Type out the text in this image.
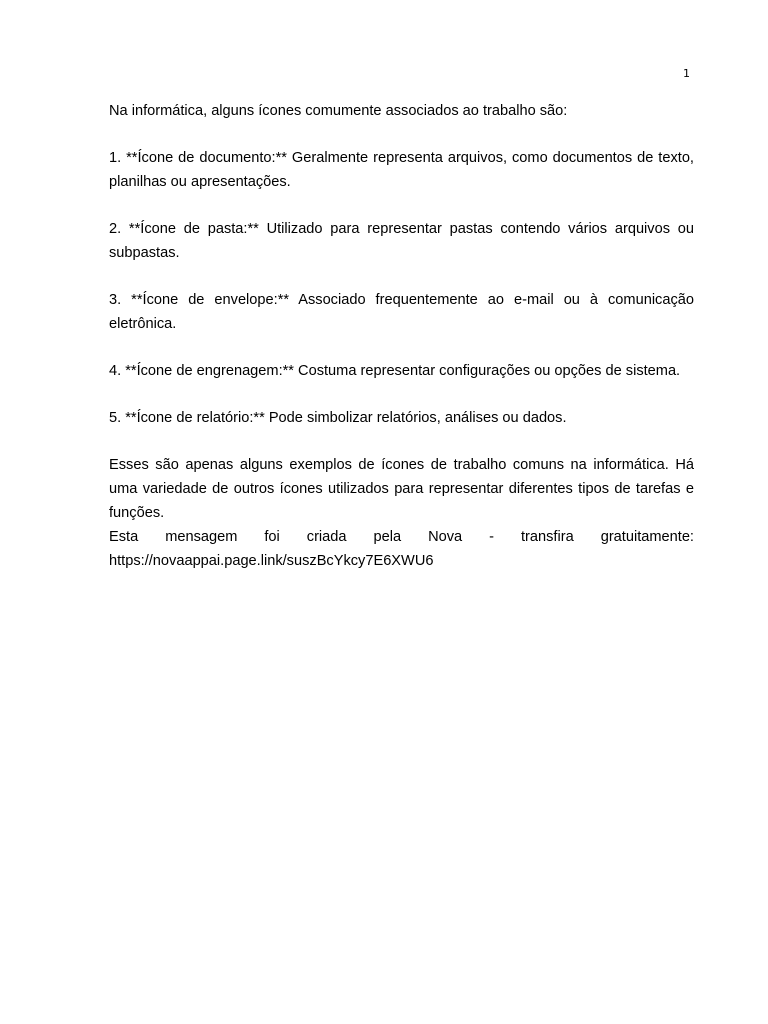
1

Na informática, alguns ícones comumente associados ao trabalho são:

1. **Ícone de documento:** Geralmente representa arquivos, como documentos de texto, planilhas ou apresentações.

2. **Ícone de pasta:** Utilizado para representar pastas contendo vários arquivos ou subpastas.

3. **Ícone de envelope:** Associado frequentemente ao e-mail ou à comunicação eletrônica.

4. **Ícone de engrenagem:** Costuma representar configurações ou opções de sistema.

5. **Ícone de relatório:** Pode simbolizar relatórios, análises ou dados.

Esses são apenas alguns exemplos de ícones de trabalho comuns na informática. Há uma variedade de outros ícones utilizados para representar diferentes tipos de tarefas e funções.

Esta mensagem foi criada pela Nova - transfira gratuitamente:

https://novaappai.page.link/suszBcYkcy7E6XWU6
